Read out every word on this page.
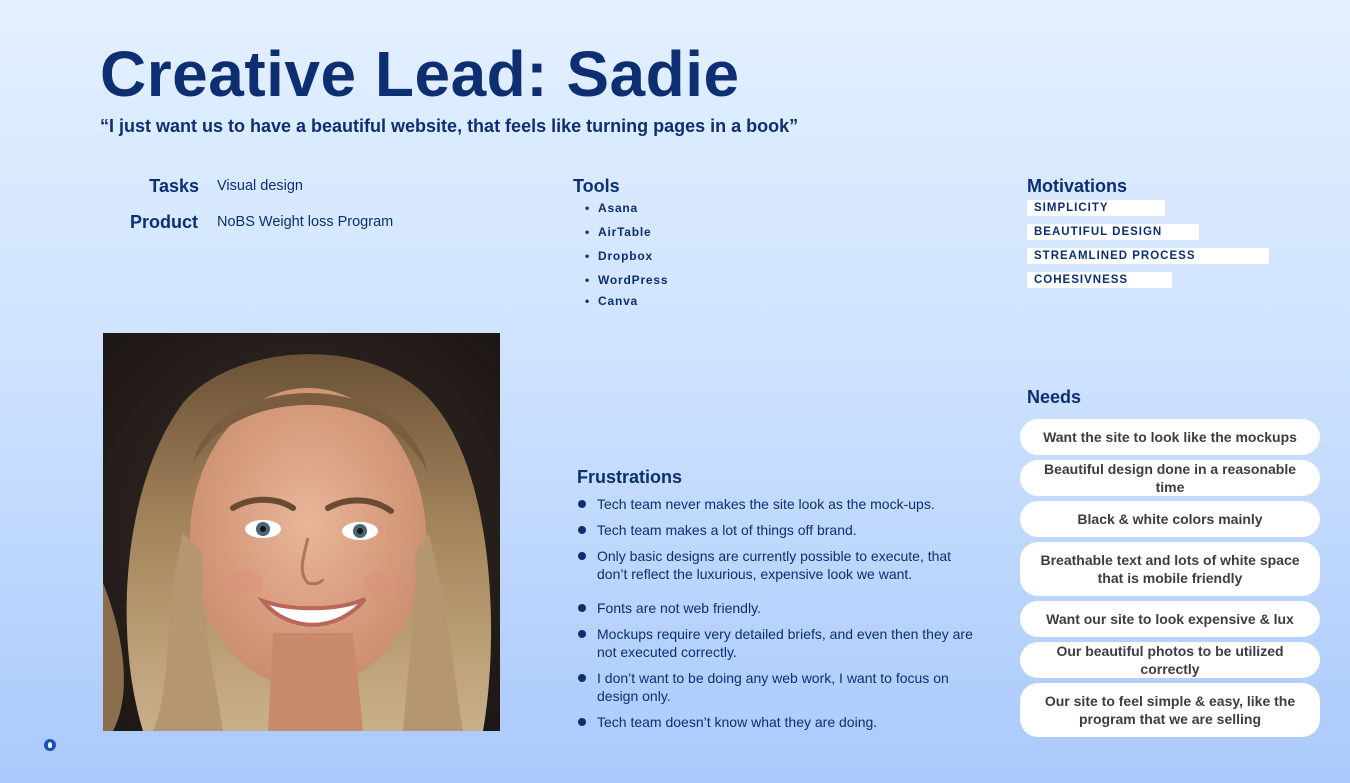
Creative Lead: Sadie
“I just want us to have a beautiful website, that feels like turning pages in a book”
Tasks Visual design
Product NoBS Weight loss Program
Tools
• Asana
• AirTable
• Dropbox
• WordPress
• Canva
Motivations
SIMPLICITY
BEAUTIFUL DESIGN
STREAMLINED PROCESS
COHESIVNESS
Frustrations
Tech team never makes the site look as the mock-ups.
Tech team makes a lot of things off brand.
Only basic designs are currently possible to execute, that don’t reflect the luxurious, expensive look we want.
Fonts are not web friendly.
Mockups require very detailed briefs, and even then they are not executed correctly.
I don’t want to be doing any web work, I want to focus on design only.
Tech team doesn’t know what they are doing.
Needs
Want the site to look like the mockups
Beautiful design done in a reasonable time
Black & white colors mainly
Breathable text and lots of white space that is mobile friendly
Want our site to look expensive & lux
Our beautiful photos to be utilized correctly
Our site to feel simple & easy, like the program that we are selling
